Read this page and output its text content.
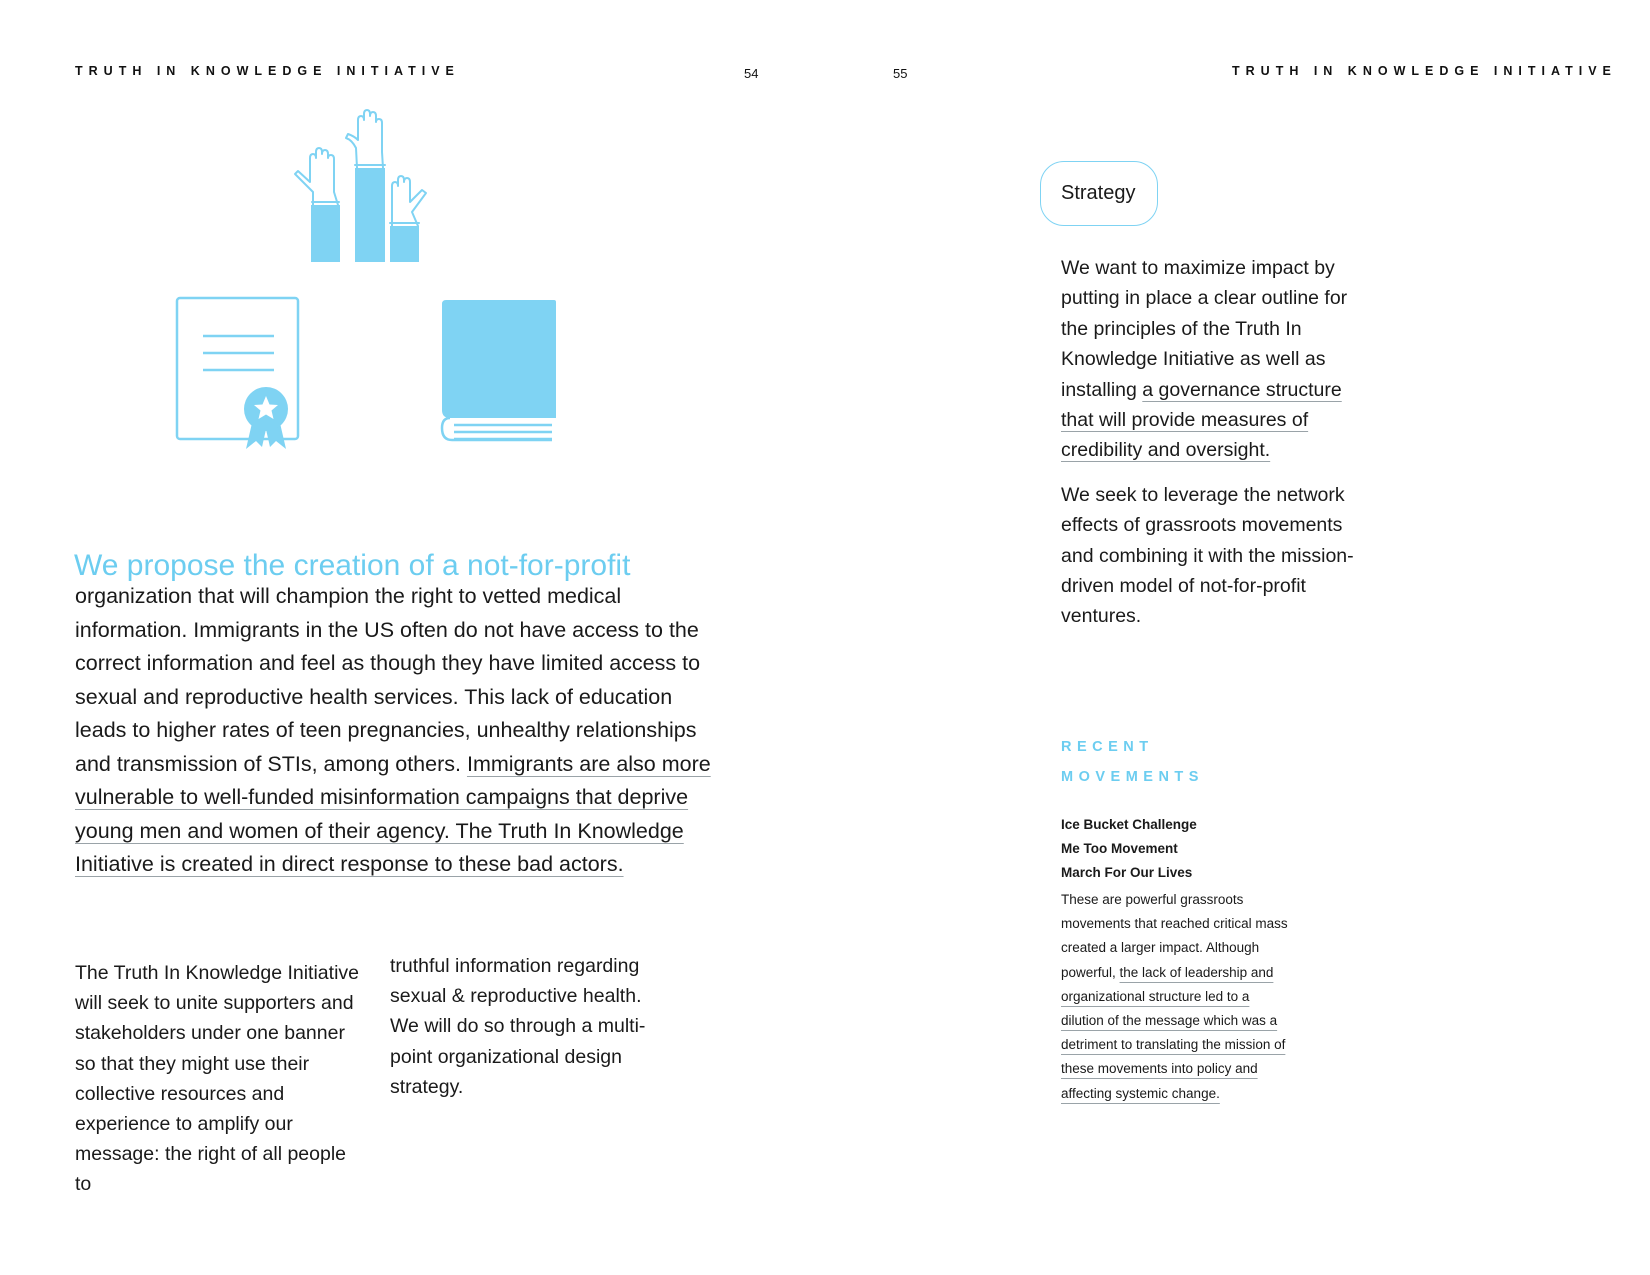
TRUTH IN KNOWLEDGE INITIATIVE	54	55	TRUTH IN KNOWLEDGE INITIATIVE
We propose the creation of a not-for-profit
organization that will champion the right to vetted medical information. Immigrants in the US often do not have access to the correct information and feel as though they have limited access to sexual and reproductive health services. This lack of education leads to higher rates of teen pregnancies, unhealthy relationships and transmission of STIs, among others. Immigrants are also more vulnerable to well-funded misinformation campaigns that deprive young men and women of their agency. The Truth In Knowledge Initiative is created in direct response to these bad actors.
The Truth In Knowledge Initiative will seek to unite supporters and stakeholders under one banner so that they might use their collective resources and experience to amplify our message: the right of all people to
truthful information regarding sexual & reproductive health. We will do so through a multi-point organizational design strategy.
Strategy

We want to maximize impact by putting in place a clear outline for the principles of the Truth In Knowledge Initiative as well as installing a governance structure that will provide measures of credibility and oversight.

We seek to leverage the network effects of grassroots movements and combining it with the mission-driven model of not-for-profit ventures.

RECENT
MOVEMENTS
Ice Bucket Challenge
Me Too Movement
March For Our Lives
These are powerful grassroots movements that reached critical mass created a larger impact. Although powerful, the lack of leadership and organizational structure led to a dilution of the message which was a detriment to translating the mission of these movements into policy and affecting systemic change.
